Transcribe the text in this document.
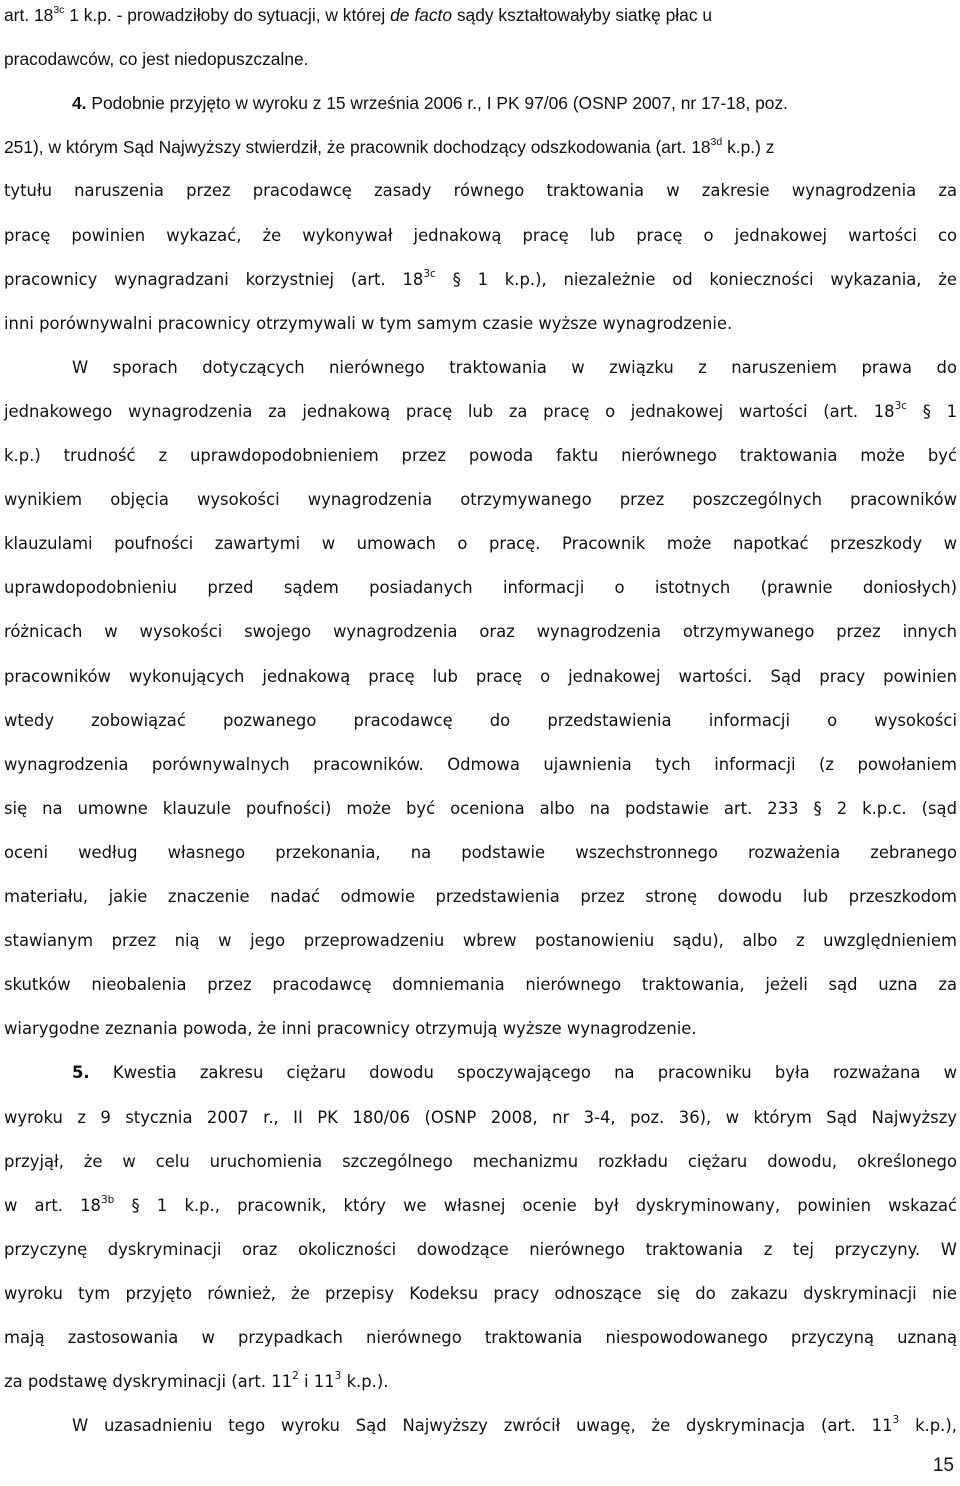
art. $18^{3c}$ 1 k.p. - prowadziłoby do sytuacji, w której de facto sądy kształtowałyby siatkę płac u
pracodawców, co jest niedopuszczalne.
4. Podobnie przyjęto w wyroku z 15 września 2006 r., I PK 97/06 (OSNP 2007, nr 17-18, poz.
251), w którym Sąd Najwyższy stwierdził, że pracownik dochodzący odszkodowania (art. $18^{3d}$ k.p.) z
tytułu naruszenia przez pracodawcę zasady równego traktowania w zakresie wynagrodzenia za
pracę powinien wykazać, że wykonywał jednakową pracę lub pracę o jednakowej wartości co
pracownicy wynagradzani korzystniej (art. $18^{3c}$ § 1 k.p.), niezależnie od konieczności wykazania, że
inni porównywalni pracownicy otrzymywali w tym samym czasie wyższe wynagrodzenie.
W sporach dotyczących nierównego traktowania w związku z naruszeniem prawa do
jednakowego wynagrodzenia za jednakową pracę lub za pracę o jednakowej wartości (art. $18^{3c}$ § 1
k.p.) trudność z uprawdopodobnieniem przez powoda faktu nierównego traktowania może być
wynikiem objęcia wysokości wynagrodzenia otrzymywanego przez poszczególnych pracowników
klauzulami poufności zawartymi w umowach o pracę. Pracownik może napotkać przeszkody w
uprawdopodobnieniu przed sądem posiadanych informacji o istotnych (prawnie doniosłych)
różnicach w wysokości swojego wynagrodzenia oraz wynagrodzenia otrzymywanego przez innych
pracowników wykonujących jednakową pracę lub pracę o jednakowej wartości. Sąd pracy powinien
wtedy zobowiązać pozwanego pracodawcę do przedstawienia informacji o wysokości
wynagrodzenia porównywalnych pracowników. Odmowa ujawnienia tych informacji (z powołaniem
się na umowne klauzule poufności) może być oceniona albo na podstawie art. 233 § 2 k.p.c. (sąd
oceni według własnego przekonania, na podstawie wszechstronnego rozważenia zebranego
materiału, jakie znaczenie nadać odmowie przedstawienia przez stronę dowodu lub przeszkodom
stawianym przez nią w jego przeprowadzeniu wbrew postanowieniu sądu), albo z uwzględnieniem
skutków nieobalenia przez pracodawcę domniemania nierównego traktowania, jeżeli sąd uzna za
wiarygodne zeznania powoda, że inni pracownicy otrzymują wyższe wynagrodzenie.
5. Kwestia zakresu ciężaru dowodu spoczywającego na pracowniku była rozważana w
wyroku z 9 stycznia 2007 r., II PK 180/06 (OSNP 2008, nr 3-4, poz. 36), w którym Sąd Najwyższy
przyjął, że w celu uruchomienia szczególnego mechanizmu rozkładu ciężaru dowodu, określonego
w art. $18^{3b}$ § 1 k.p., pracownik, który we własnej ocenie był dyskryminowany, powinien wskazać
przyczynę dyskryminacji oraz okoliczności dowodzące nierównego traktowania z tej przyczyny. W
wyroku tym przyjęto również, że przepisy Kodeksu pracy odnoszące się do zakazu dyskryminacji nie
mają zastosowania w przypadkach nierównego traktowania niespowodowanego przyczyną uznaną
za podstawę dyskryminacji (art. $11^2$ i $11^3$ k.p.).
W uzasadnieniu tego wyroku Sąd Najwyższy zwrócił uwagę, że dyskryminacja (art. $11^3$ k.p.),
15
